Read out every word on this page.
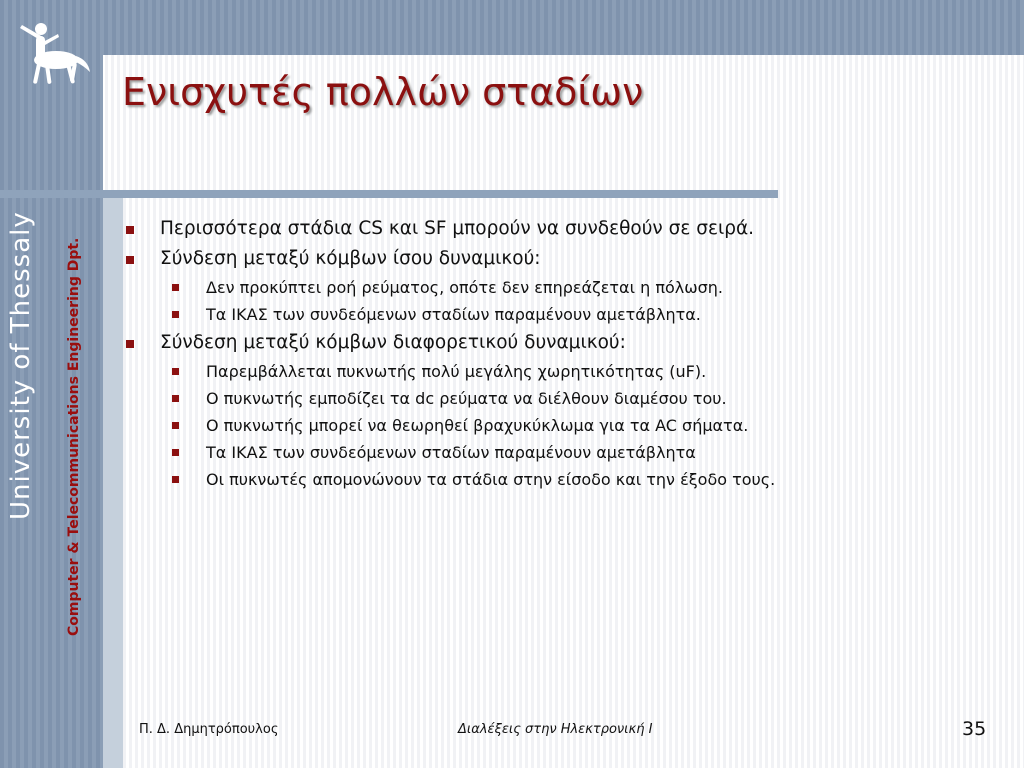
Ενισχυτές πολλών σταδίων
University of Thessaly	Computer & Telecommunications Engineering Dpt.
Περισσότερα στάδια CS και SF μπορούν να συνδεθούν σε σειρά.
Σύνδεση μεταξύ κόμβων ίσου δυναμικού:
Δεν προκύπτει ροή ρεύματος, οπότε δεν επηρεάζεται η πόλωση.
Τα ΙΚΑΣ των συνδεόμενων σταδίων παραμένουν αμετάβλητα.
Σύνδεση μεταξύ κόμβων διαφορετικού δυναμικού:
Παρεμβάλλεται πυκνωτής πολύ μεγάλης χωρητικότητας (uF).
Ο πυκνωτής εμποδίζει τα dc ρεύματα να διέλθουν διαμέσου του.
Ο πυκνωτής μπορεί να θεωρηθεί βραχυκύκλωμα για τα AC σήματα.
Τα ΙΚΑΣ των συνδεόμενων σταδίων παραμένουν αμετάβλητα
Οι πυκνωτές απομονώνουν τα στάδια στην είσοδο και την έξοδο τους.
Π. Δ. Δημητρόπουλος	Διαλέξεις στην Ηλεκτρονική Ι	35
